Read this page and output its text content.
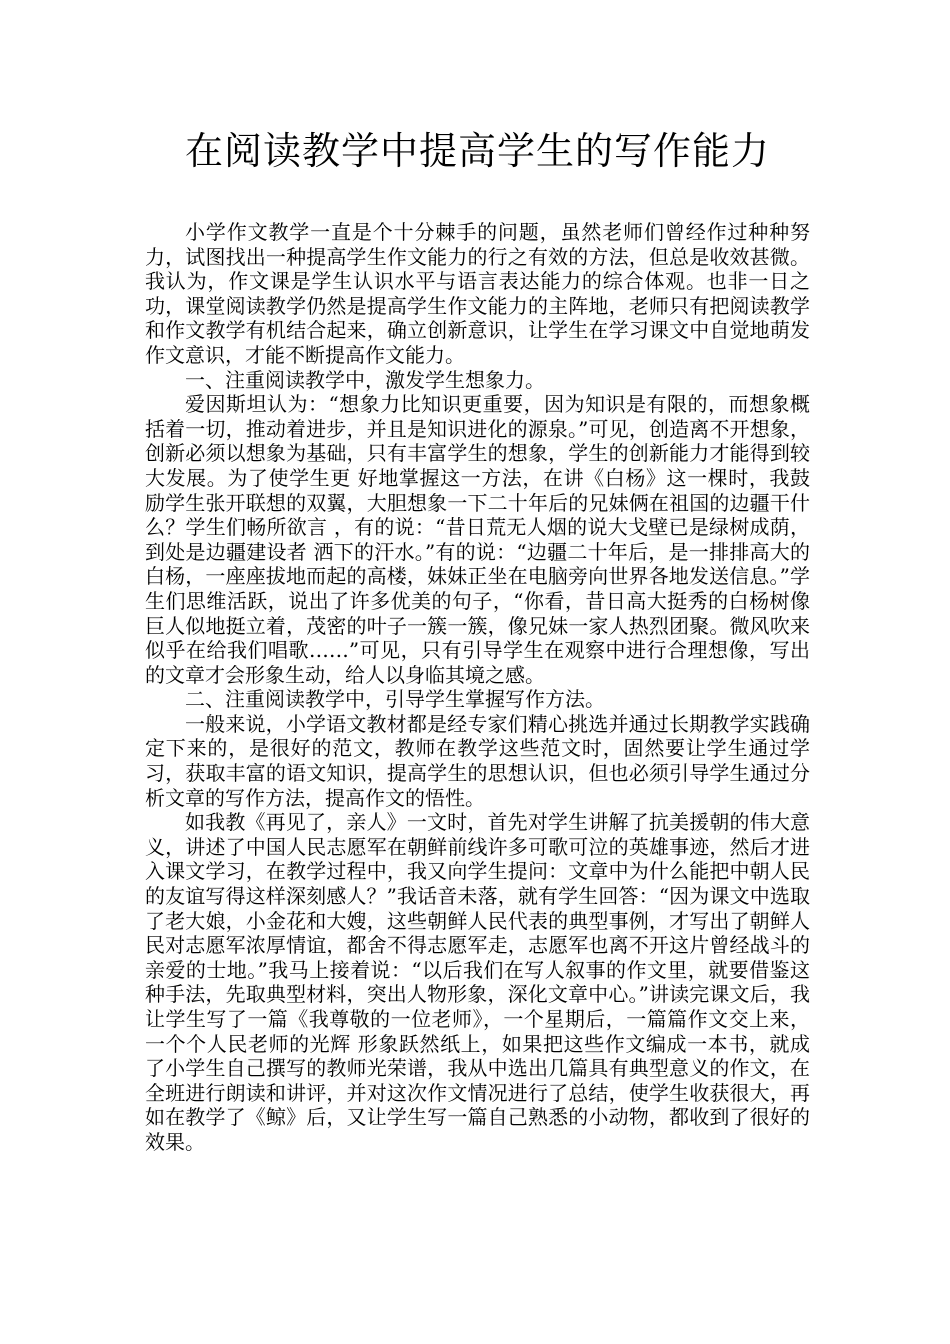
在阅读教学中提高学生的写作能力

小学作文教学一直是个十分棘手的问题，虽然老师们曾经作过种种努力，试图找出一种提高学生作文能力的行之有效的方法，但总是收效甚微。我认为，作文课是学生认识水平与语言表达能力的综合体观。也非一日之功，课堂阅读教学仍然是提高学生作文能力的主阵地，老师只有把阅读教学和作文教学有机结合起来，确立创新意识，让学生在学习课文中自觉地萌发作文意识，才能不断提高作文能力。

一、注重阅读教学中，激发学生想象力。

爱因斯坦认为：“想象力比知识更重要，因为知识是有限的，而想象概括着一切，推动着进步，并且是知识进化的源泉。”可见，创造离不开想象，创新必须以想象为基础，只有丰富学生的想象，学生的创新能力才能得到较大发展。为了使学生更 好地掌握这一方法，在讲《白杨》这一棵时，我鼓励学生张开联想的双翼，大胆想象一下二十年后的兄妹俩在祖国的边疆干什么？学生们畅所欲言 ，有的说：“昔日荒无人烟的说大戈壁已是绿树成荫，到处是边疆建设者 洒下的汗水。”有的说：“边疆二十年后，是一排排高大的白杨，一座座拔地而起的高楼，妹妹正坐在电脑旁向世界各地发送信息。”学生们思维活跃，说出了许多优美的句子，“你看，昔日高大挺秀的白杨树像巨人似地挺立着，茂密的叶子一簇一簇，像兄妹一家人热烈团聚。微风吹来似乎在给我们唱歌……”可见，只有引导学生在观察中进行合理想像，写出的文章才会形象生动，给人以身临其境之感。

二、注重阅读教学中，引导学生掌握写作方法。

一般来说，小学语文教材都是经专家们精心挑选并通过长期教学实践确定下来的，是很好的范文，教师在教学这些范文时，固然要让学生通过学习，获取丰富的语文知识，提高学生的思想认识，但也必须引导学生通过分析文章的写作方法，提高作文的悟性。

如我教《再见了，亲人》一文时，首先对学生讲解了抗美援朝的伟大意义，讲述了中国人民志愿军在朝鲜前线许多可歌可泣的英雄事迹，然后才进入课文学习，在教学过程中，我又向学生提问：文章中为什么能把中朝人民的友谊写得这样深刻感人？”我话音未落，就有学生回答：“因为课文中选取了老大娘，小金花和大嫂，这些朝鲜人民代表的典型事例，才写出了朝鲜人民对志愿军浓厚情谊，都舍不得志愿军走，志愿军也离不开这片曾经战斗的亲爱的士地。”我马上接着说：“以后我们在写人叙事的作文里，就要借鉴这种手法，先取典型材料，突出人物形象，深化文章中心。”讲读完课文后，我让学生写了一篇《我尊敬的一位老师》，一个星期后，一篇篇作文交上来，一个个人民老师的光辉 形象跃然纸上，如果把这些作文编成一本书，就成了小学生自己撰写的教师光荣谱，我从中选出几篇具有典型意义的作文，在全班进行朗读和讲评，并对这次作文情况进行了总结，使学生收获很大，再如在教学了《鲸》后，又让学生写一篇自己熟悉的小动物，都收到了很好的效果。
